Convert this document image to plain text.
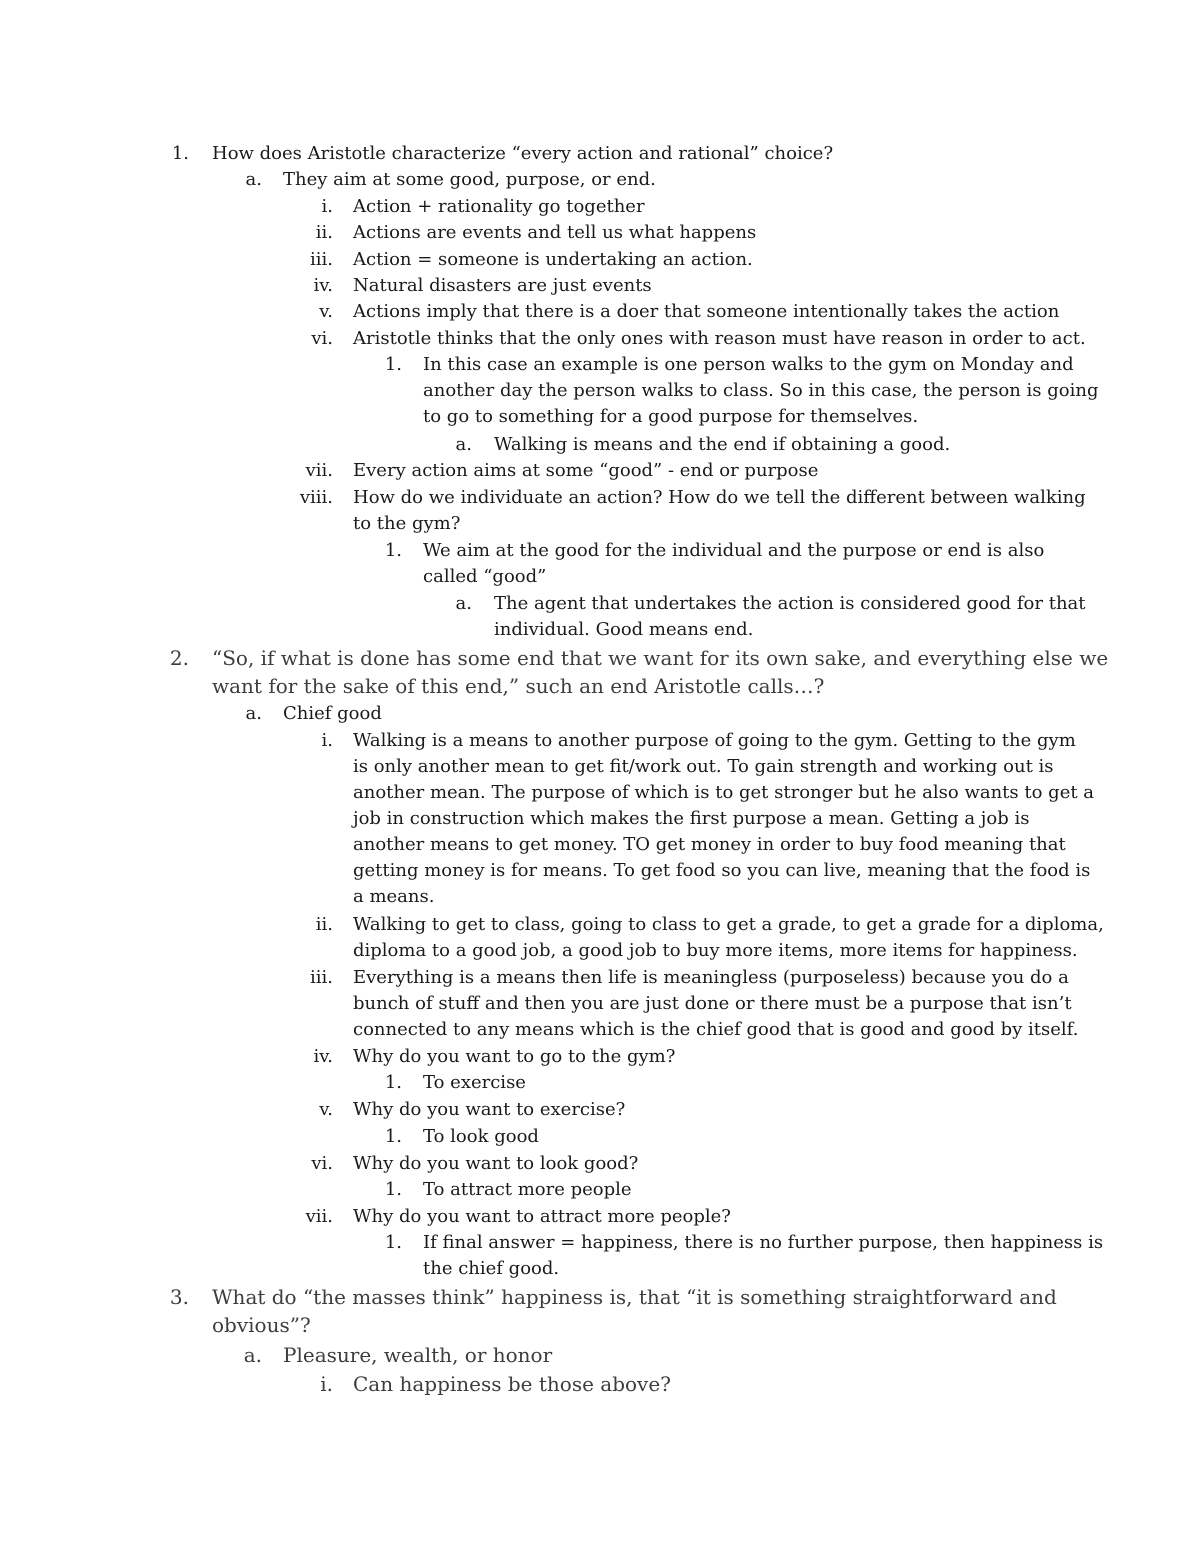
1. How does Aristotle characterize “every action and rational” choice?
a. They aim at some good, purpose, or end.
i. Action + rationality go together
ii. Actions are events and tell us what happens
iii. Action = someone is undertaking an action.
iv. Natural disasters are just events
v. Actions imply that there is a doer that someone intentionally takes the action
vi. Aristotle thinks that the only ones with reason must have reason in order to act.
1. In this case an example is one person walks to the gym on Monday and
another day the person walks to class. So in this case, the person is going
to go to something for a good purpose for themselves.
a. Walking is means and the end if obtaining a good.
vii. Every action aims at some “good” - end or purpose
viii. How do we individuate an action? How do we tell the different between walking
to the gym?
1. We aim at the good for the individual and the purpose or end is also
called “good”
a. The agent that undertakes the action is considered good for that
individual. Good means end.
2. “So, if what is done has some end that we want for its own sake, and everything else we
want for the sake of this end,” such an end Aristotle calls…?
a. Chief good
i. Walking is a means to another purpose of going to the gym. Getting to the gym
is only another mean to get fit/work out. To gain strength and working out is
another mean. The purpose of which is to get stronger but he also wants to get a
job in construction which makes the first purpose a mean. Getting a job is
another means to get money. TO get money in order to buy food meaning that
getting money is for means. To get food so you can live, meaning that the food is
a means.
ii. Walking to get to class, going to class to get a grade, to get a grade for a diploma,
diploma to a good job, a good job to buy more items, more items for happiness.
iii. Everything is a means then life is meaningless (purposeless) because you do a
bunch of stuff and then you are just done or there must be a purpose that isn’t
connected to any means which is the chief good that is good and good by itself.
iv. Why do you want to go to the gym?
1. To exercise
v. Why do you want to exercise?
1. To look good
vi. Why do you want to look good?
1. To attract more people
vii. Why do you want to attract more people?
1. If final answer = happiness, there is no further purpose, then happiness is
the chief good.
3. What do “the masses think” happiness is, that “it is something straightforward and
obvious”?
a. Pleasure, wealth, or honor
i. Can happiness be those above?
